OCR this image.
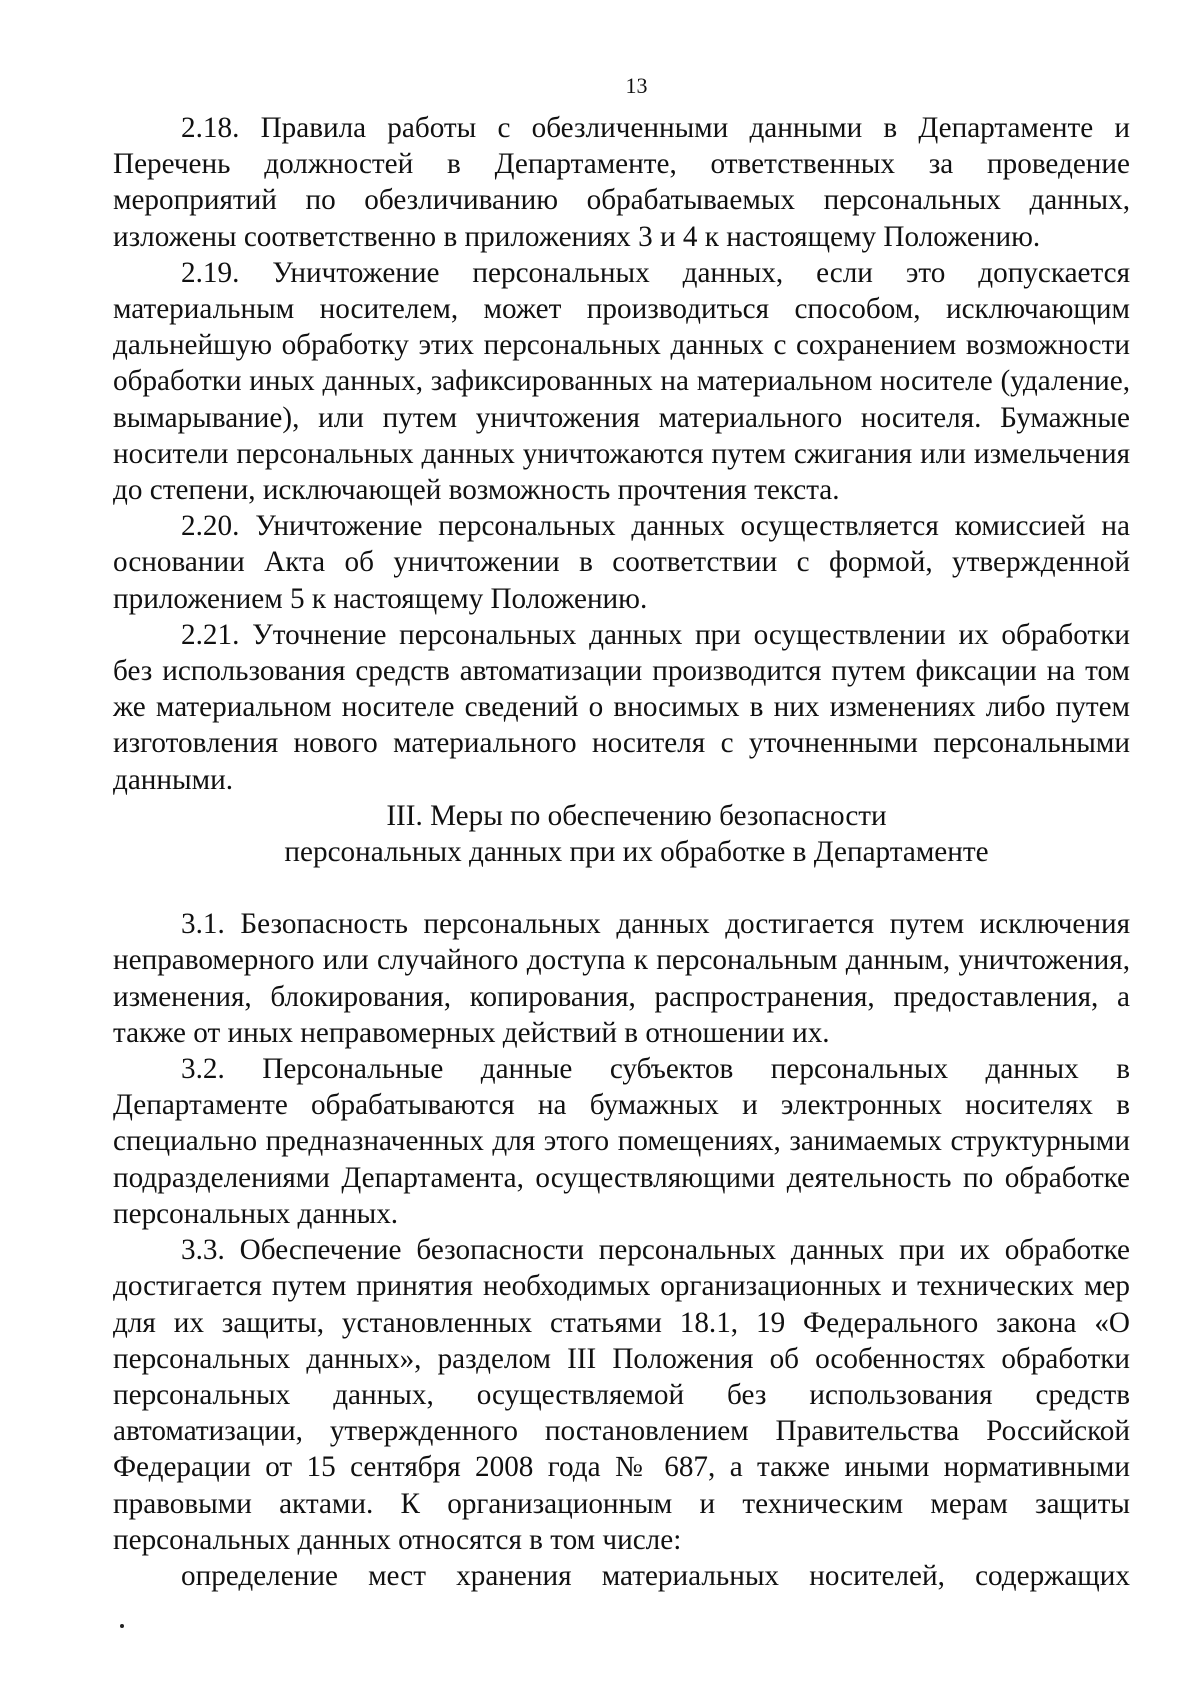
13

2.18. Правила работы с обезличенными данными в Департаменте и Перечень должностей в Департаменте, ответственных за проведение мероприятий по обезличиванию обрабатываемых персональных данных, изложены соответственно в приложениях 3 и 4 к настоящему Положению.

2.19. Уничтожение персональных данных, если это допускается материальным носителем, может производиться способом, исключающим дальнейшую обработку этих персональных данных с сохранением возможности обработки иных данных, зафиксированных на материальном носителе (удаление, вымарывание), или путем уничтожения материального носителя. Бумажные носители персональных данных уничтожаются путем сжигания или измельчения до степени, исключающей возможность прочтения текста.

2.20. Уничтожение персональных данных осуществляется комиссией на основании Акта об уничтожении в соответствии с формой, утвержденной приложением 5 к настоящему Положению.

2.21. Уточнение персональных данных при осуществлении их обработки без использования средств автоматизации производится путем фиксации на том же материальном носителе сведений о вносимых в них изменениях либо путем изготовления нового материального носителя с уточненными персональными данными.

III. Меры по обеспечению безопасности

персональных данных при их обработке в Департаменте

3.1. Безопасность персональных данных достигается путем исключения неправомерного или случайного доступа к персональным данным, уничтожения, изменения, блокирования, копирования, распространения, предоставления, а также от иных неправомерных действий в отношении их.

3.2. Персональные данные субъектов персональных данных в Департаменте обрабатываются на бумажных и электронных носителях в специально предназначенных для этого помещениях, занимаемых структурными подразделениями Департамента, осуществляющими деятельность по обработке персональных данных.

3.3. Обеспечение безопасности персональных данных при их обработке достигается путем принятия необходимых организационных и технических мер для их защиты, установленных статьями 18.1, 19 Федерального закона «О персональных данных», разделом III Положения об особенностях обработки персональных данных, осуществляемой без использования средств автоматизации, утвержденного постановлением Правительства Российской Федерации от 15 сентября 2008 года № 687, а также иными нормативными правовыми актами. К организационным и техническим мерам защиты персональных данных относятся в том числе:

определение мест хранения материальных носителей, содержащих
